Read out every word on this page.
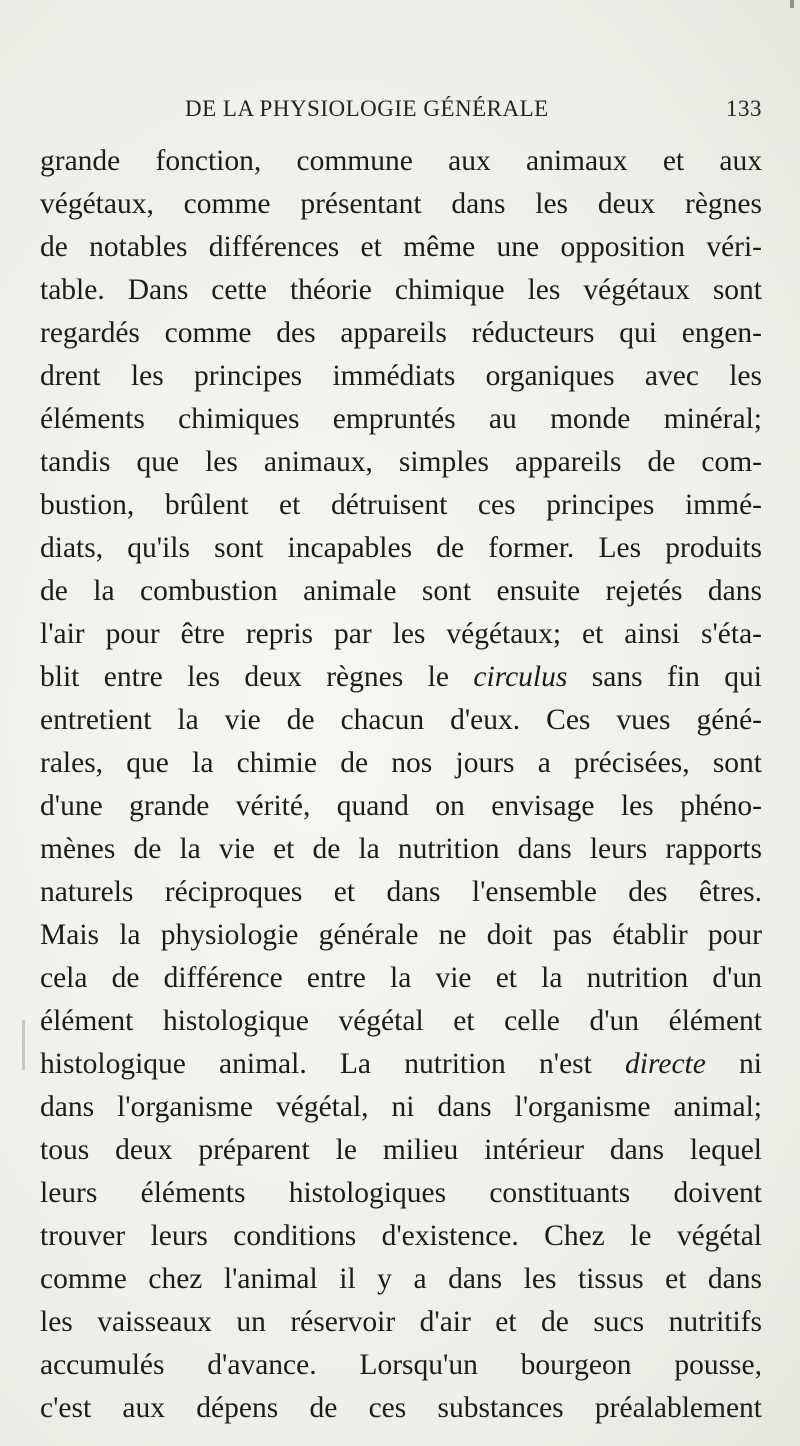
DE LA PHYSIOLOGIE GÉNÉRALE	133
grande fonction, commune aux animaux et aux
végétaux, comme présentant dans les deux règnes
de notables différences et même une opposition véri-
table. Dans cette théorie chimique les végétaux sont
regardés comme des appareils réducteurs qui engen-
drent les principes immédiats organiques avec les
éléments chimiques empruntés au monde minéral;
tandis que les animaux, simples appareils de com-
bustion, brûlent et détruisent ces principes immé-
diats, qu'ils sont incapables de former. Les produits
de la combustion animale sont ensuite rejetés dans
l'air pour être repris par les végétaux; et ainsi s'éta-
blit entre les deux règnes le circulus sans fin qui
entretient la vie de chacun d'eux. Ces vues géné-
rales, que la chimie de nos jours a précisées, sont
d'une grande vérité, quand on envisage les phéno-
mènes de la vie et de la nutrition dans leurs rapports
naturels réciproques et dans l'ensemble des êtres.
Mais la physiologie générale ne doit pas établir pour
cela de différence entre la vie et la nutrition d'un
élément histologique végétal et celle d'un élément
histologique animal. La nutrition n'est directe ni
dans l'organisme végétal, ni dans l'organisme animal;
tous deux préparent le milieu intérieur dans lequel
leurs éléments histologiques constituants doivent
trouver leurs conditions d'existence. Chez le végétal
comme chez l'animal il y a dans les tissus et dans
les vaisseaux un réservoir d'air et de sucs nutritifs
accumulés d'avance. Lorsqu'un bourgeon pousse,
c'est aux dépens de ces substances préalablement
